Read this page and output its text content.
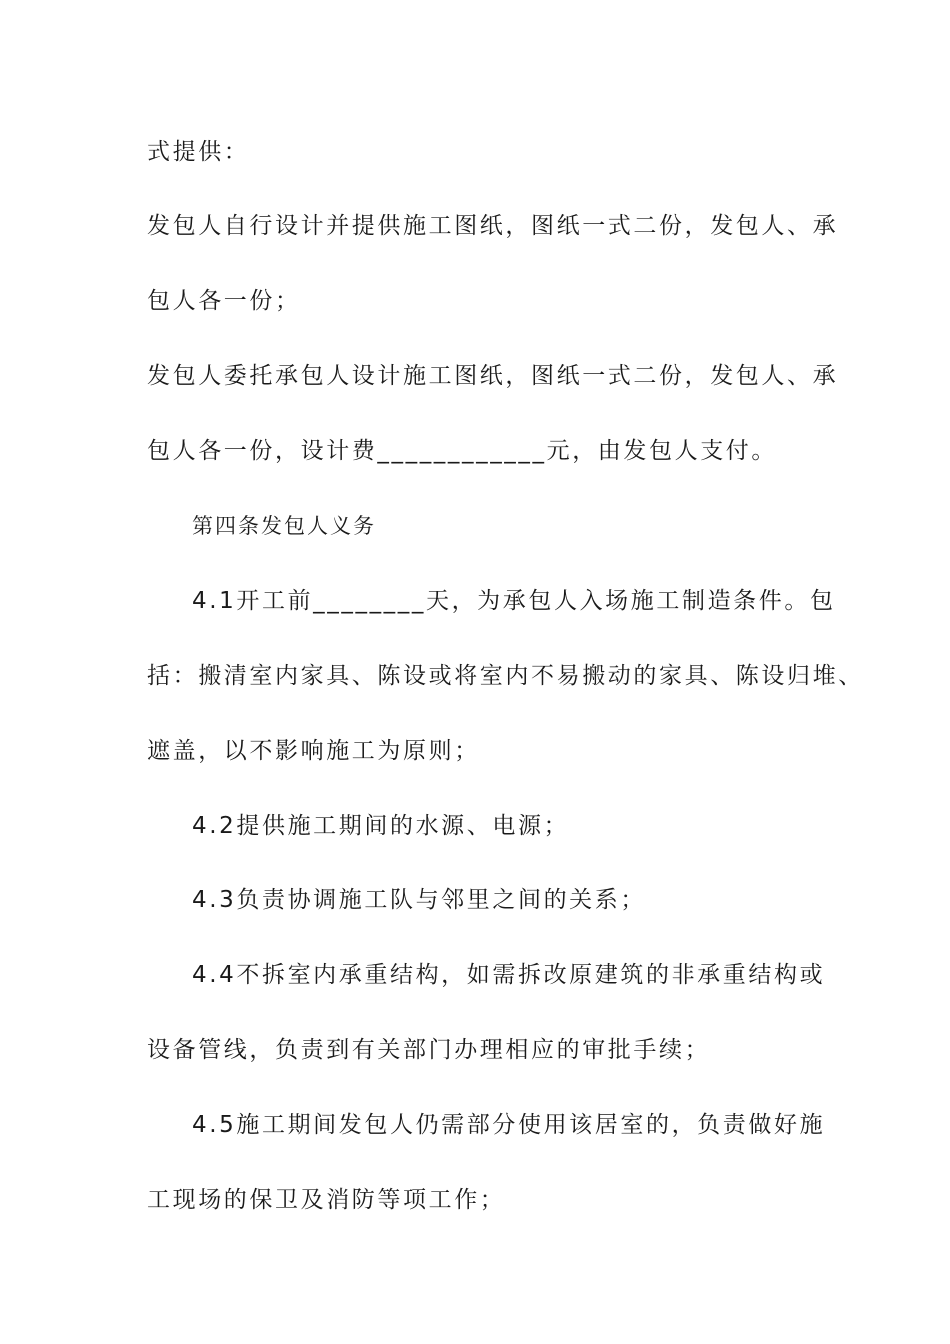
式提供：

发包人自行设计并提供施工图纸，图纸一式二份，发包人、承

包人各一份；

发包人委托承包人设计施工图纸，图纸一式二份，发包人、承

包人各一份，设计费____________元，由发包人支付。

第四条发包人义务

4.1开工前________天，为承包人入场施工制造条件。包

括：搬清室内家具、陈设或将室内不易搬动的家具、陈设归堆、

遮盖，以不影响施工为原则；

4.2提供施工期间的水源、电源；

4.3负责协调施工队与邻里之间的关系；

4.4不拆室内承重结构，如需拆改原建筑的非承重结构或

设备管线，负责到有关部门办理相应的审批手续；

4.5施工期间发包人仍需部分使用该居室的，负责做好施

工现场的保卫及消防等项工作；
